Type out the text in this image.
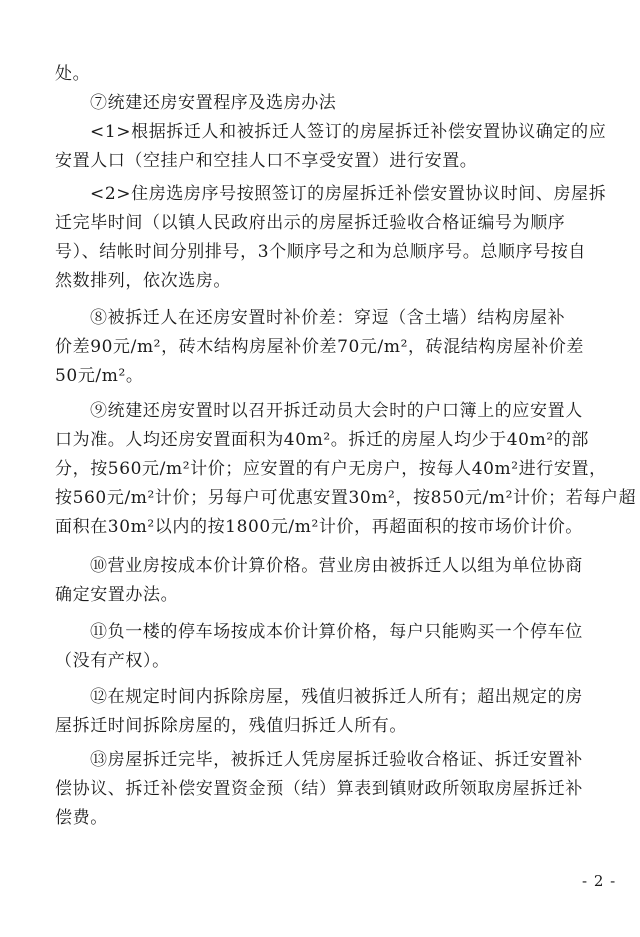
处。

⑦统建还房安置程序及选房办法

<1>根据拆迁人和被拆迁人签订的房屋拆迁补偿安置协议确定的应
安置人口（空挂户和空挂人口不享受安置）进行安置。

<2>住房选房序号按照签订的房屋拆迁补偿安置协议时间、房屋拆
迁完毕时间（以镇人民政府出示的房屋拆迁验收合格证编号为顺序
号）、结帐时间分别排号，3个顺序号之和为总顺序号。总顺序号按自
然数排列，依次选房。

⑧被拆迁人在还房安置时补价差：穿逗（含土墙）结构房屋补
价差90元/m²，砖木结构房屋补价差70元/m²，砖混结构房屋补价差
50元/m²。

⑨统建还房安置时以召开拆迁动员大会时的户口簿上的应安置人
口为准。人均还房安置面积为40m²。拆迁的房屋人均少于40m²的部
分，按560元/m²计价；应安置的有户无房户，按每人40m²进行安置，
按560元/m²计价；另每户可优惠安置30m²，按850元/m²计价；若每户超
面积在30m²以内的按1800元/m²计价，再超面积的按市场价计价。

⑩营业房按成本价计算价格。营业房由被拆迁人以组为单位协商
确定安置办法。

⑪负一楼的停车场按成本价计算价格，每户只能购买一个停车位
（没有产权）。

⑫在规定时间内拆除房屋，残值归被拆迁人所有；超出规定的房
屋拆迁时间拆除房屋的，残值归拆迁人所有。

⑬房屋拆迁完毕，被拆迁人凭房屋拆迁验收合格证、拆迁安置补
偿协议、拆迁补偿安置资金预（结）算表到镇财政所领取房屋拆迁补
偿费。

- 2 -
